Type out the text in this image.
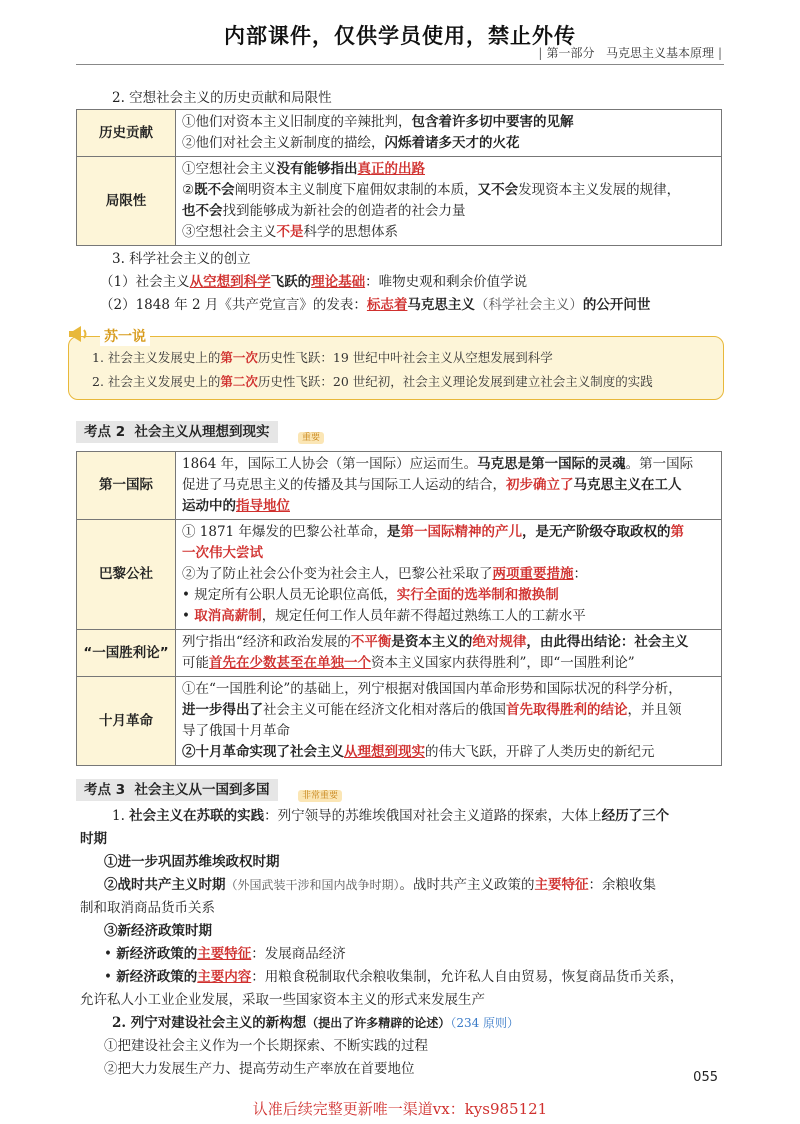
内部课件，仅供学员使用，禁止外传
| 第一部分 马克思主义基本原理 |
2. 空想社会主义的历史贡献和局限性
历史贡献	①他们对资本主义旧制度的辛辣批判，包含着许多切中要害的见解
②他们对社会主义新制度的描绘，闪烁着诸多天才的火花

局限性	①空想社会主义没有能够指出真正的出路
②既不会阐明资本主义制度下雇佣奴隶制的本质，又不会发现资本主义发展的规律，
也不会找到能够成为新社会的创造者的社会力量
③空想社会主义不是科学的思想体系
3. 科学社会主义的创立
（1）社会主义从空想到科学飞跃的理论基础：唯物史观和剩余价值学说
（2）1848 年 2 月《共产党宣言》的发表：标志着马克思主义（科学社会主义）的公开问世
苏一说
1. 社会主义发展史上的第一次历史性飞跃：19 世纪中叶社会主义从空想发展到科学
2. 社会主义发展史上的第二次历史性飞跃：20 世纪初，社会主义理论发展到建立社会主义制度的实践
考点 2 社会主义从理想到现实	重要
第一国际	1864 年，国际工人协会（第一国际）应运而生。马克思是第一国际的灵魂。第一国际
促进了马克思主义的传播及其与国际工人运动的结合，初步确立了马克思主义在工人
运动中的指导地位

巴黎公社	① 1871 年爆发的巴黎公社革命，是第一国际精神的产儿，是无产阶级夺取政权的第
一次伟大尝试
②为了防止社会公仆变为社会主人，巴黎公社采取了两项重要措施：
• 规定所有公职人员无论职位高低，实行全面的选举制和撤换制
• 取消高薪制，规定任何工作人员年薪不得超过熟练工人的工薪水平

“一国胜利论”	列宁指出“经济和政治发展的不平衡是资本主义的绝对规律，由此得出结论：社会主义
可能首先在少数甚至在单独一个资本主义国家内获得胜利”，即“一国胜利论”

十月革命	①在“一国胜利论”的基础上，列宁根据对俄国国内革命形势和国际状况的科学分析，
进一步得出了社会主义可能在经济文化相对落后的俄国首先取得胜利的结论，并且领
导了俄国十月革命
②十月革命实现了社会主义从理想到现实的伟大飞跃，开辟了人类历史的新纪元
考点 3 社会主义从一国到多国	非常重要
1. 社会主义在苏联的实践：列宁领导的苏维埃俄国对社会主义道路的探索，大体上经历了三个
时期
①进一步巩固苏维埃政权时期
②战时共产主义时期（外国武装干涉和国内战争时期）。战时共产主义政策的主要特征：余粮收集
制和取消商品货币关系
③新经济政策时期
• 新经济政策的主要特征：发展商品经济
• 新经济政策的主要内容：用粮食税制取代余粮收集制，允许私人自由贸易，恢复商品货币关系，
允许私人小工业企业发展，采取一些国家资本主义的形式来发展生产
2. 列宁对建设社会主义的新构想（提出了许多精辟的论述）（234 原则）
①把建设社会主义作为一个长期探索、不断实践的过程
②把大力发展生产力、提高劳动生产率放在首要地位
055
认准后续完整更新唯一渠道vx：kys985121
